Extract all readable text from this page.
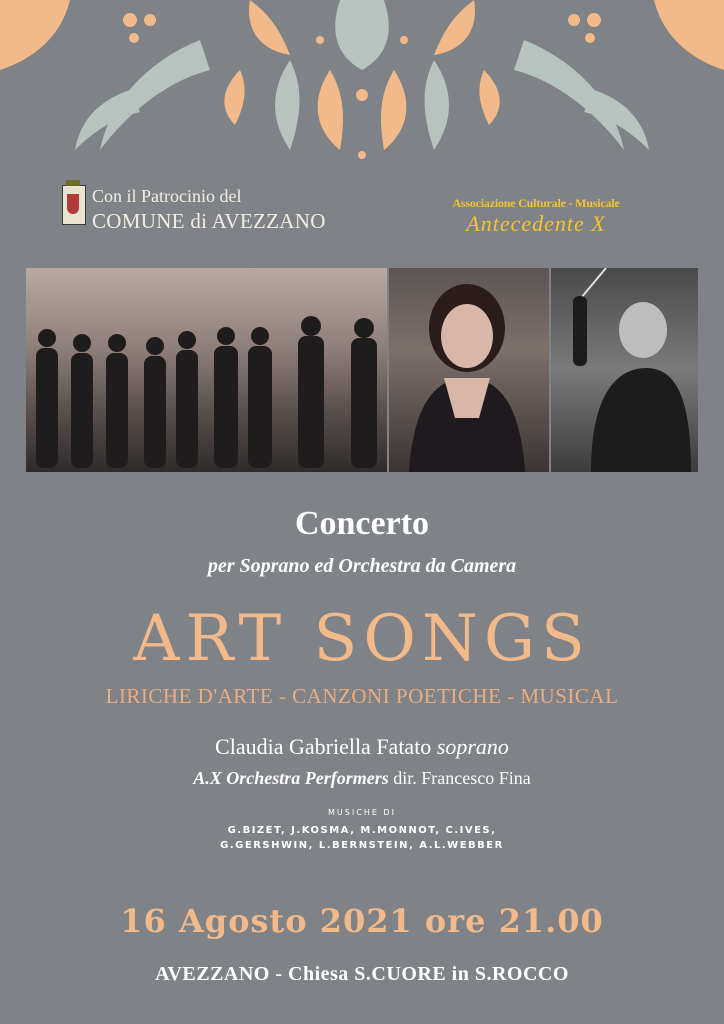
Con il Patrocinio del
COMUNE di AVEZZANO
Associazione Culturale - Musicale
Antecedente X
Concerto
per Soprano ed Orchestra da Camera
ART SONGS
LIRICHE D'ARTE - CANZONI POETICHE - MUSICAL
Claudia Gabriella Fatato soprano
A.X Orchestra Performers dir. Francesco Fina
MUSICHE DI
G.BIZET, J.KOSMA, M.MONNOT, C.IVES,
G.GERSHWIN, L.BERNSTEIN, A.L.WEBBER
16 Agosto 2021 ore 21.00
AVEZZANO - Chiesa S.CUORE in S.ROCCO
